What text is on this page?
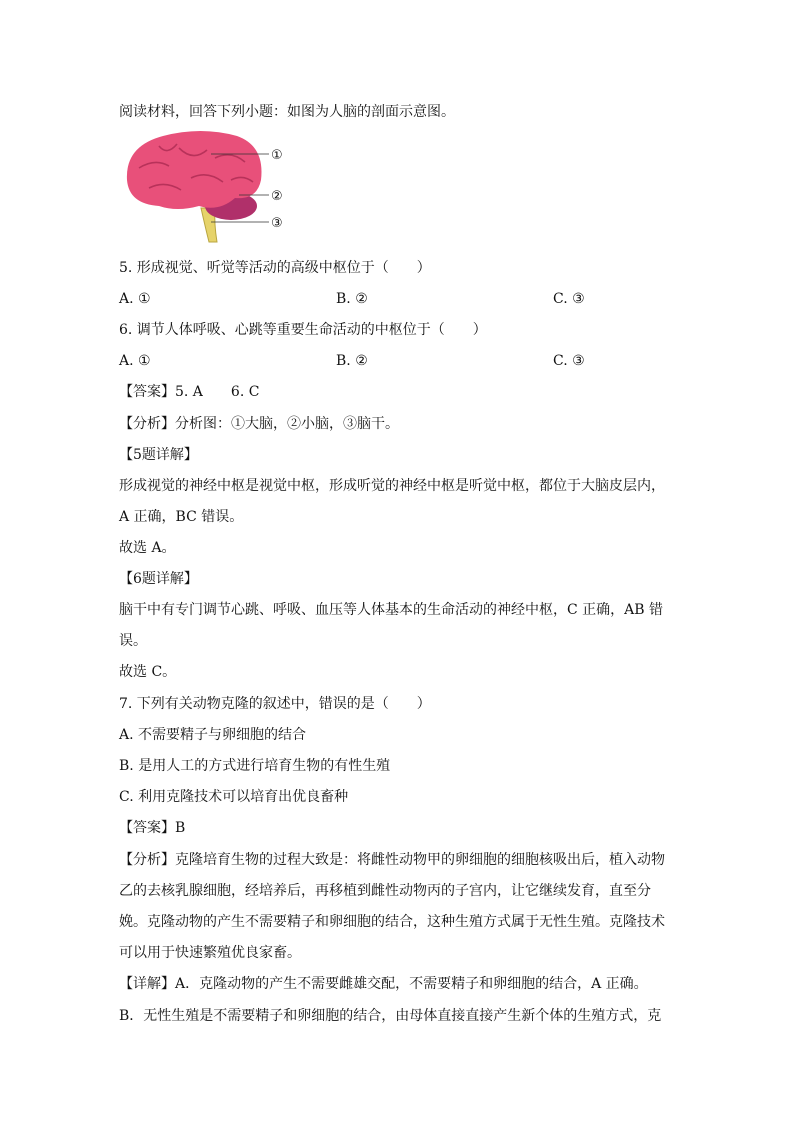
阅读材料，回答下列小题：如图为人脑的剖面示意图。
①
②
③
5. 形成视觉、听觉等活动的高级中枢位于（　　）
A. ①	B. ②	C. ③
6. 调节人体呼吸、心跳等重要生命活动的中枢位于（　　）
A. ①	B. ②	C. ③
【答案】5. A　　6. C
【分析】分析图：①大脑，②小脑，③脑干。
【5题详解】
形成视觉的神经中枢是视觉中枢，形成听觉的神经中枢是听觉中枢，都位于大脑皮层内，
A 正确，BC 错误。
故选 A。
【6题详解】
脑干中有专门调节心跳、呼吸、血压等人体基本的生命活动的神经中枢，C 正确，AB 错
误。
故选 C。
7. 下列有关动物克隆的叙述中，错误的是（　　）
A. 不需要精子与卵细胞的结合
B. 是用人工的方式进行培育生物的有性生殖
C. 利用克隆技术可以培育出优良畜种
【答案】B
【分析】克隆培育生物的过程大致是：将雌性动物甲的卵细胞的细胞核吸出后，植入动物
乙的去核乳腺细胞，经培养后，再移植到雌性动物丙的子宫内，让它继续发育，直至分
娩。克隆动物的产生不需要精子和卵细胞的结合，这种生殖方式属于无性生殖。克隆技术
可以用于快速繁殖优良家畜。
【详解】A．克隆动物的产生不需要雌雄交配，不需要精子和卵细胞的结合，A 正确。
B．无性生殖是不需要精子和卵细胞的结合，由母体直接直接产生新个体的生殖方式，克
